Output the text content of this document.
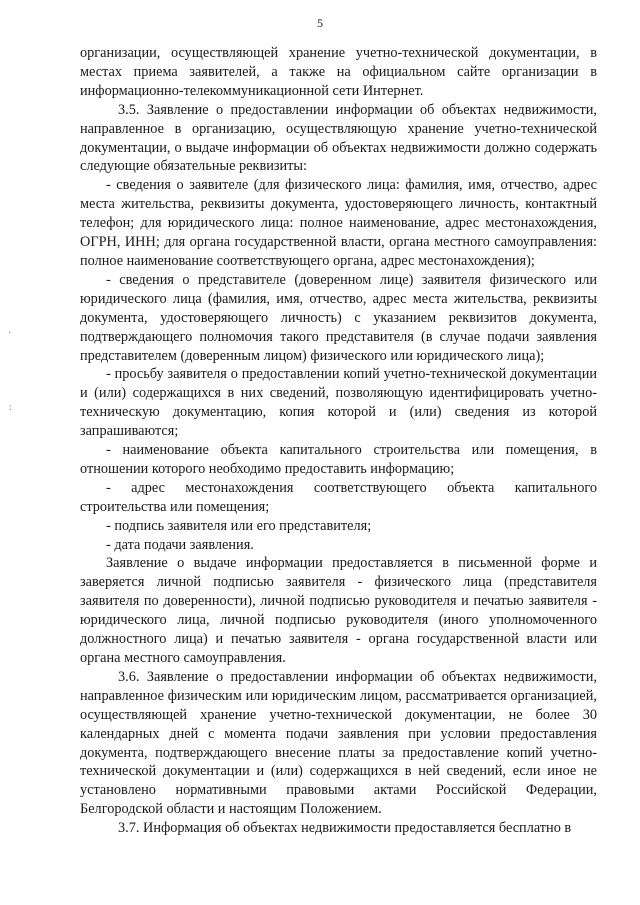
5
'
:

организации, осуществляющей хранение учетно-технической документации, в местах приема заявителей, а также на официальном сайте организации в информационно-телекоммуникационной сети Интернет.

3.5. Заявление о предоставлении информации об объектах недвижимости, направленное в организацию, осуществляющую хранение учетно-технической документации, о выдаче информации об объектах недвижимости должно содержать следующие обязательные реквизиты:

- сведения о заявителе (для физического лица: фамилия, имя, отчество, адрес места жительства, реквизиты документа, удостоверяющего личность, контактный телефон; для юридического лица: полное наименование, адрес местонахождения, ОГРН, ИНН; для органа государственной власти, органа местного самоуправления: полное наименование соответствующего органа, адрес местонахождения);

- сведения о представителе (доверенном лице) заявителя физического или юридического лица (фамилия, имя, отчество, адрес места жительства, реквизиты документа, удостоверяющего личность) с указанием реквизитов документа, подтверждающего полномочия такого представителя (в случае подачи заявления представителем (доверенным лицом) физического или юридического лица);

- просьбу заявителя о предоставлении копий учетно-технической документации и (или) содержащихся в них сведений, позволяющую идентифицировать учетно-техническую документацию, копия которой и (или) сведения из которой запрашиваются;

- наименование объекта капитального строительства или помещения, в отношении которого необходимо предоставить информацию;

- адрес местонахождения соответствующего объекта капитального строительства или помещения;

- подпись заявителя или его представителя;

- дата подачи заявления.

Заявление о выдаче информации предоставляется в письменной форме и заверяется личной подписью заявителя - физического лица (представителя заявителя по доверенности), личной подписью руководителя и печатью заявителя - юридического лица, личной подписью руководителя (иного уполномоченного должностного лица) и печатью заявителя - органа государственной власти или органа местного самоуправления.

3.6. Заявление о предоставлении информации об объектах недвижимости, направленное физическим или юридическим лицом, рассматривается организацией, осуществляющей хранение учетно-технической документации, не более 30 календарных дней с момента подачи заявления при условии предоставления документа, подтверждающего внесение платы за предоставление копий учетно-технической документации и (или) содержащихся в ней сведений, если иное не установлено нормативными правовыми актами Российской Федерации, Белгородской области и настоящим Положением.

3.7. Информация об объектах недвижимости предоставляется бесплатно в
